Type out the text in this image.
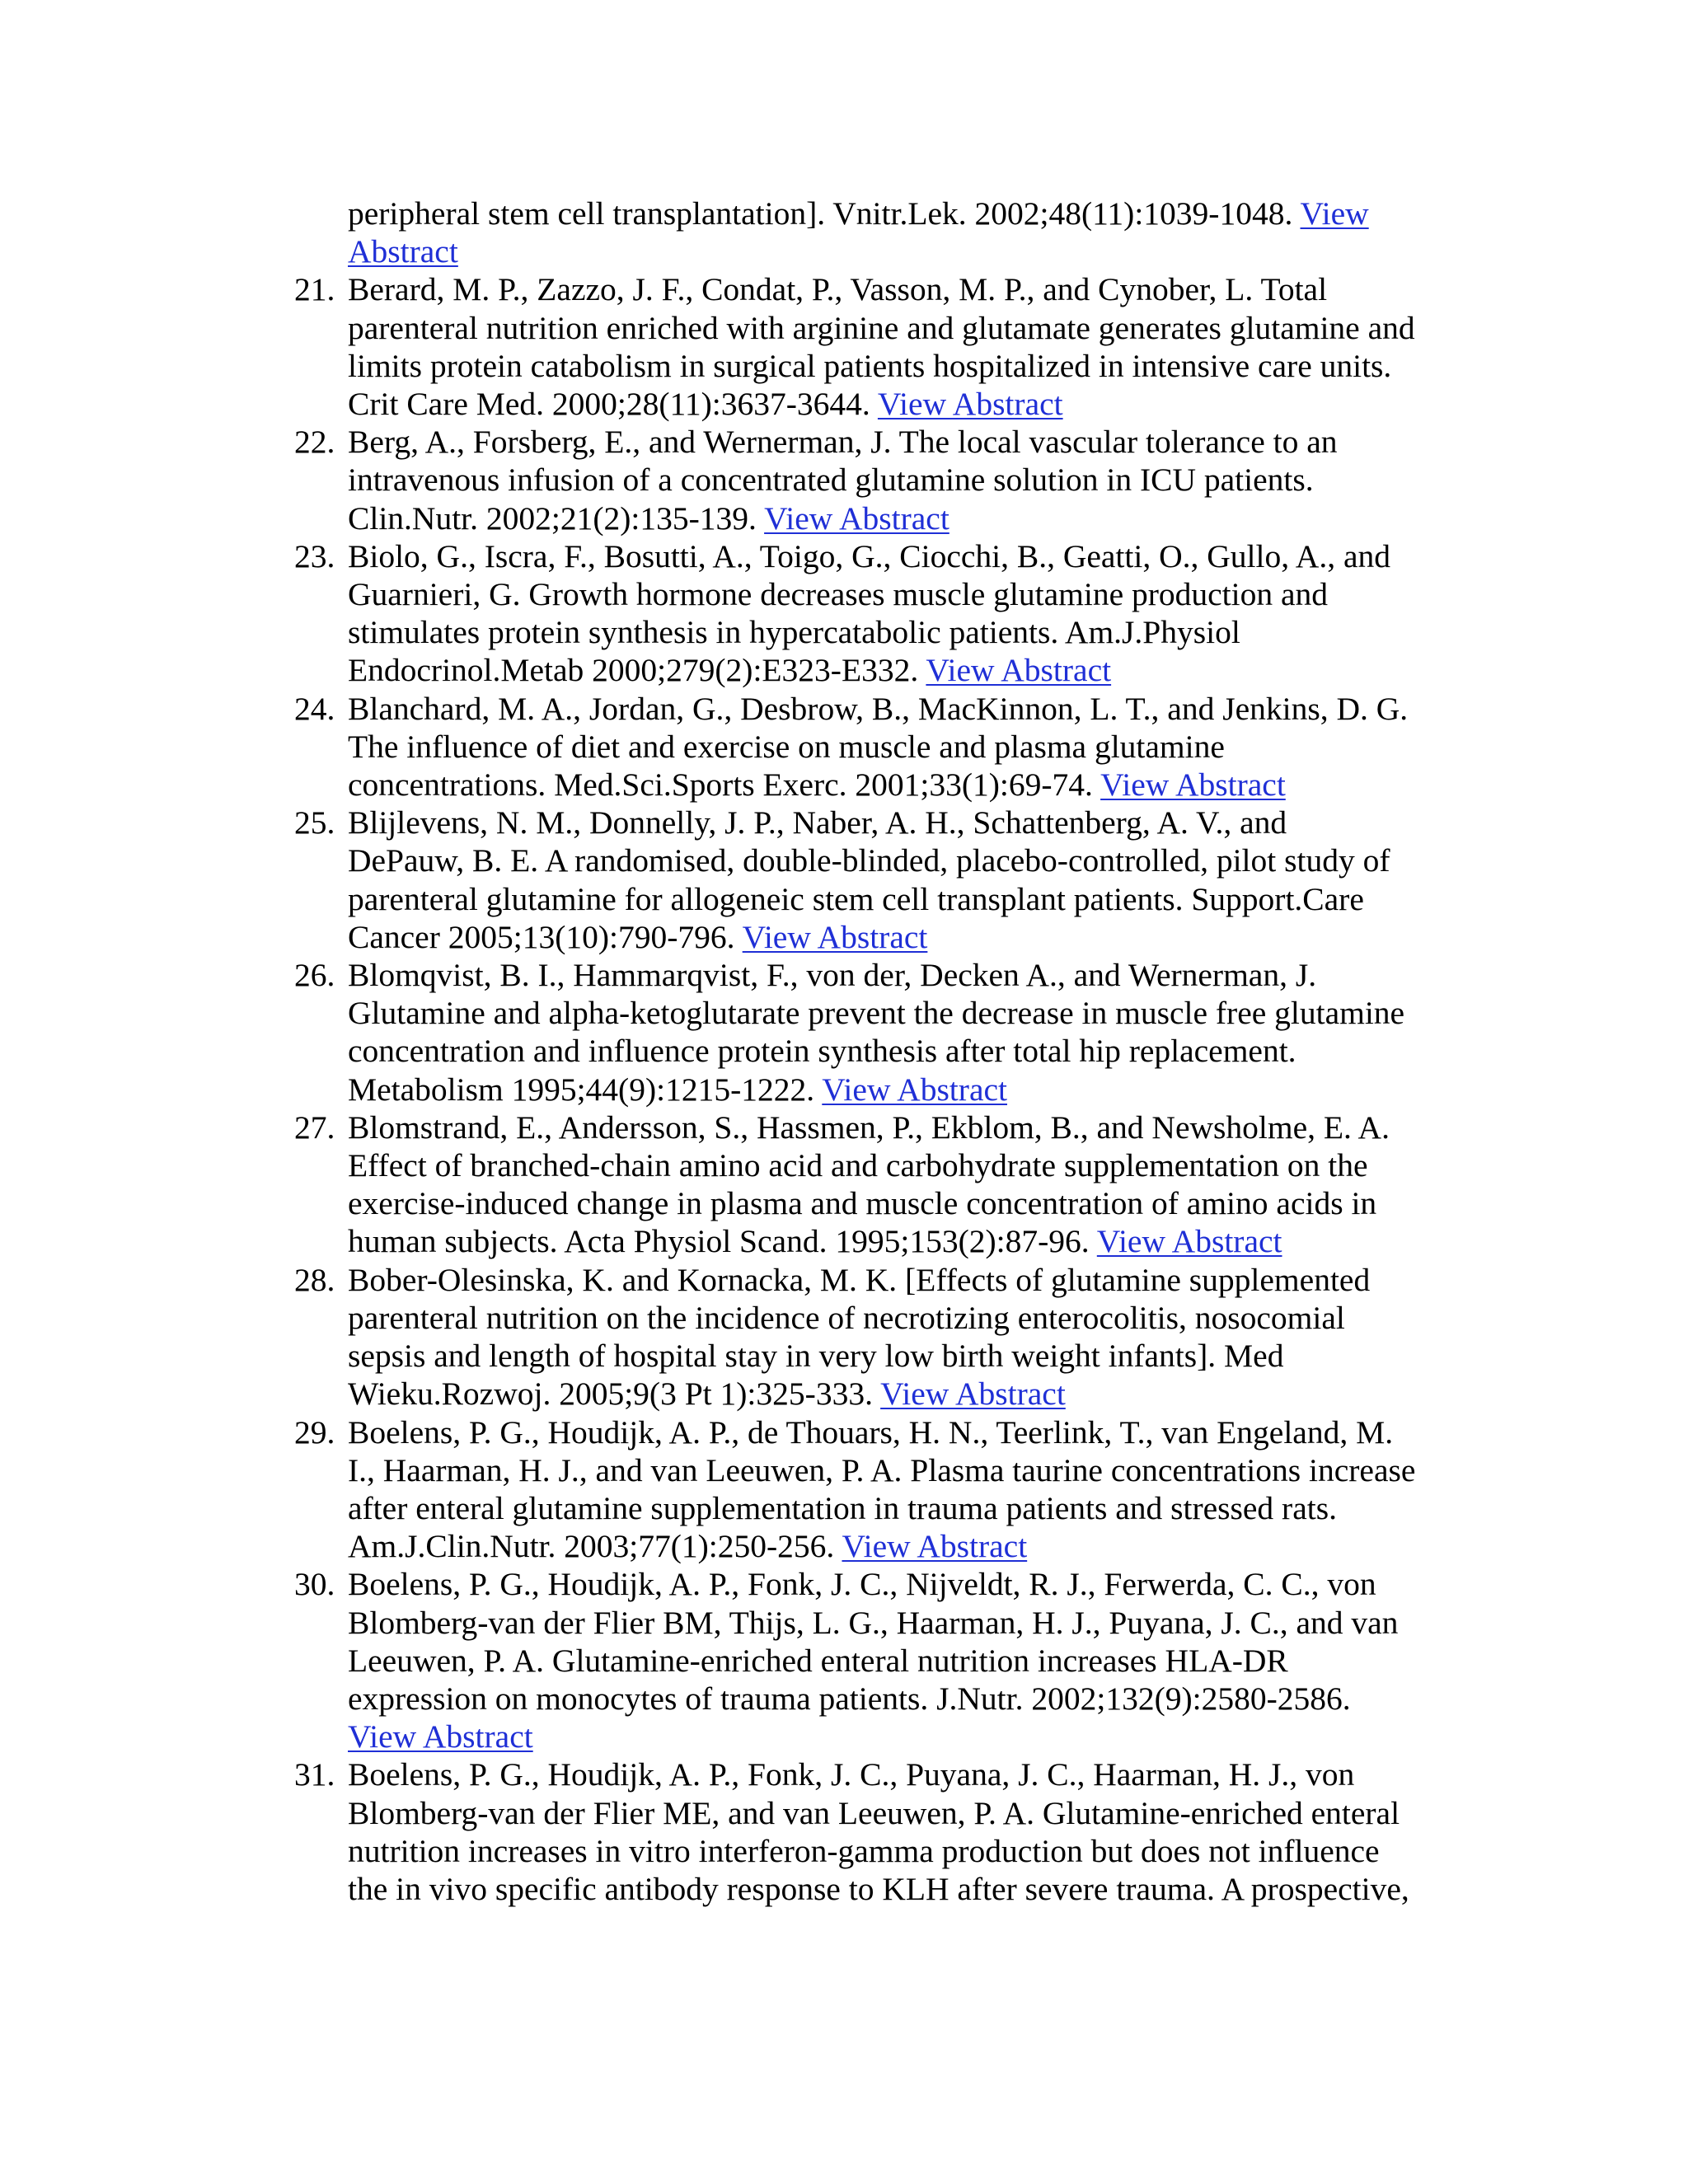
peripheral stem cell transplantation]. Vnitr.Lek. 2002;48(11):1039-1048. View
Abstract
21. Berard, M. P., Zazzo, J. F., Condat, P., Vasson, M. P., and Cynober, L. Total
parenteral nutrition enriched with arginine and glutamate generates glutamine and
limits protein catabolism in surgical patients hospitalized in intensive care units.
Crit Care Med. 2000;28(11):3637-3644. View Abstract
22. Berg, A., Forsberg, E., and Wernerman, J. The local vascular tolerance to an
intravenous infusion of a concentrated glutamine solution in ICU patients.
Clin.Nutr. 2002;21(2):135-139. View Abstract
23. Biolo, G., Iscra, F., Bosutti, A., Toigo, G., Ciocchi, B., Geatti, O., Gullo, A., and
Guarnieri, G. Growth hormone decreases muscle glutamine production and
stimulates protein synthesis in hypercatabolic patients. Am.J.Physiol
Endocrinol.Metab 2000;279(2):E323-E332. View Abstract
24. Blanchard, M. A., Jordan, G., Desbrow, B., MacKinnon, L. T., and Jenkins, D. G.
The influence of diet and exercise on muscle and plasma glutamine
concentrations. Med.Sci.Sports Exerc. 2001;33(1):69-74. View Abstract
25. Blijlevens, N. M., Donnelly, J. P., Naber, A. H., Schattenberg, A. V., and
DePauw, B. E. A randomised, double-blinded, placebo-controlled, pilot study of
parenteral glutamine for allogeneic stem cell transplant patients. Support.Care
Cancer 2005;13(10):790-796. View Abstract
26. Blomqvist, B. I., Hammarqvist, F., von der, Decken A., and Wernerman, J.
Glutamine and alpha-ketoglutarate prevent the decrease in muscle free glutamine
concentration and influence protein synthesis after total hip replacement.
Metabolism 1995;44(9):1215-1222. View Abstract
27. Blomstrand, E., Andersson, S., Hassmen, P., Ekblom, B., and Newsholme, E. A.
Effect of branched-chain amino acid and carbohydrate supplementation on the
exercise-induced change in plasma and muscle concentration of amino acids in
human subjects. Acta Physiol Scand. 1995;153(2):87-96. View Abstract
28. Bober-Olesinska, K. and Kornacka, M. K. [Effects of glutamine supplemented
parenteral nutrition on the incidence of necrotizing enterocolitis, nosocomial
sepsis and length of hospital stay in very low birth weight infants]. Med
Wieku.Rozwoj. 2005;9(3 Pt 1):325-333. View Abstract
29. Boelens, P. G., Houdijk, A. P., de Thouars, H. N., Teerlink, T., van Engeland, M.
I., Haarman, H. J., and van Leeuwen, P. A. Plasma taurine concentrations increase
after enteral glutamine supplementation in trauma patients and stressed rats.
Am.J.Clin.Nutr. 2003;77(1):250-256. View Abstract
30. Boelens, P. G., Houdijk, A. P., Fonk, J. C., Nijveldt, R. J., Ferwerda, C. C., von
Blomberg-van der Flier BM, Thijs, L. G., Haarman, H. J., Puyana, J. C., and van
Leeuwen, P. A. Glutamine-enriched enteral nutrition increases HLA-DR
expression on monocytes of trauma patients. J.Nutr. 2002;132(9):2580-2586.
View Abstract
31. Boelens, P. G., Houdijk, A. P., Fonk, J. C., Puyana, J. C., Haarman, H. J., von
Blomberg-van der Flier ME, and van Leeuwen, P. A. Glutamine-enriched enteral
nutrition increases in vitro interferon-gamma production but does not influence
the in vivo specific antibody response to KLH after severe trauma. A prospective,
